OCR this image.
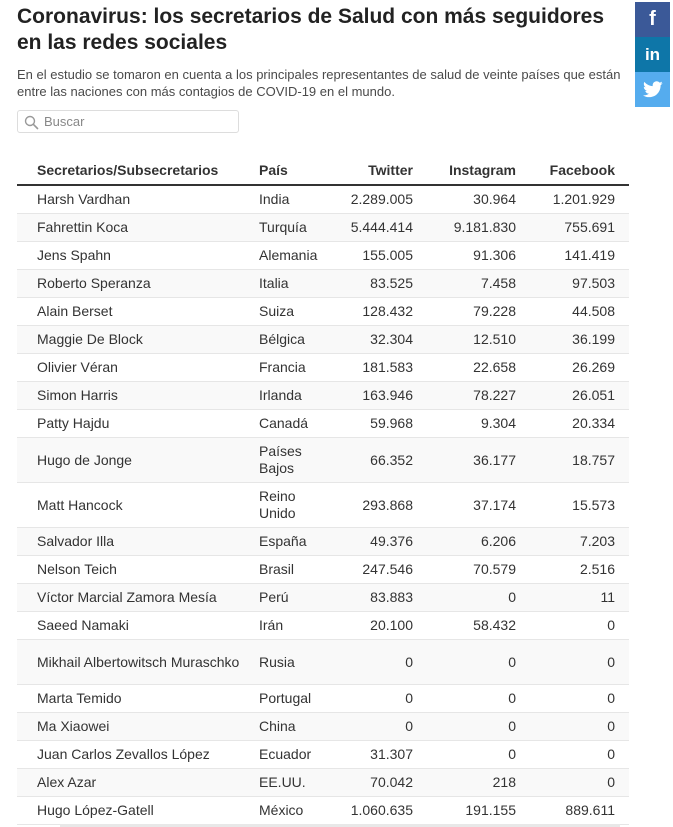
Coronavirus: los secretarios de Salud con más seguidores en las redes sociales

En el estudio se tomaron en cuenta a los principales representantes de salud de veinte países que están entre las naciones con más contagios de COVID-19 en el mundo.

Buscar
f
in
Secretarios/Subsecretarios	País	Twitter	Instagram	Facebook
Harsh Vardhan	India	2.289.005	30.964	1.201.929
Fahrettin Koca	Turquía	5.444.414	9.181.830	755.691
Jens Spahn	Alemania	155.005	91.306	141.419
Roberto Speranza	Italia	83.525	7.458	97.503
Alain Berset	Suiza	128.432	79.228	44.508
Maggie De Block	Bélgica	32.304	12.510	36.199
Olivier Véran	Francia	181.583	22.658	26.269
Simon Harris	Irlanda	163.946	78.227	26.051
Patty Hajdu	Canadá	59.968	9.304	20.334
Hugo de Jonge	Países Bajos	66.352	36.177	18.757
Matt Hancock	Reino Unido	293.868	37.174	15.573
Salvador Illa	España	49.376	6.206	7.203
Nelson Teich	Brasil	247.546	70.579	2.516
Víctor Marcial Zamora Mesía	Perú	83.883	0	11
Saeed Namaki	Irán	20.100	58.432	0
Mikhail Albertowitsch Muraschko	Rusia	0	0	0
Marta Temido	Portugal	0	0	0
Ma Xiaowei	China	0	0	0
Juan Carlos Zevallos López	Ecuador	31.307	0	0
Alex Azar	EE.UU.	70.042	218	0
Hugo López-Gatell	México	1.060.635	191.155	889.611
